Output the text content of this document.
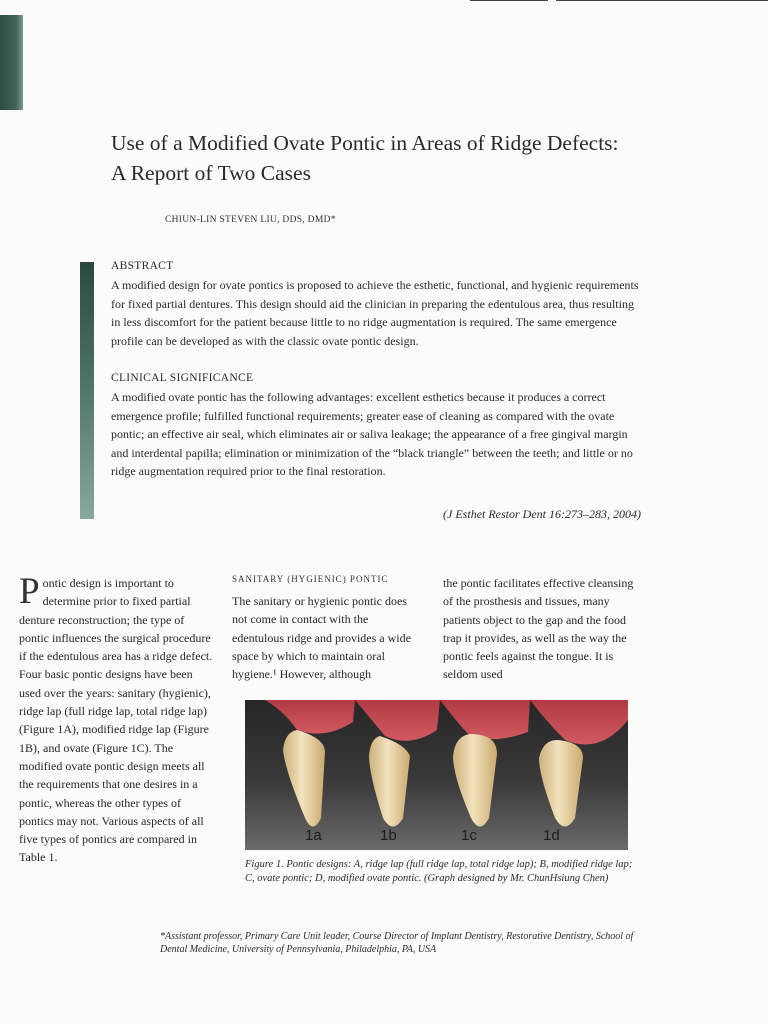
Use of a Modified Ovate Pontic in Areas of Ridge Defects: A Report of Two Cases
CHIUN-LIN STEVEN LIU, DDS, DMD*
ABSTRACT

A modified design for ovate pontics is proposed to achieve the esthetic, functional, and hygienic requirements for fixed partial dentures. This design should aid the clinician in preparing the edentulous area, thus resulting in less discomfort for the patient because little to no ridge augmentation is required. The same emergence profile can be developed as with the classic ovate pontic design.

CLINICAL SIGNIFICANCE

A modified ovate pontic has the following advantages: excellent esthetics because it produces a correct emergence profile; fulfilled functional requirements; greater ease of cleaning as compared with the ovate pontic; an effective air seal, which eliminates air or saliva leakage; the appearance of a free gingival margin and interdental papilla; elimination or minimization of the “black triangle” between the teeth; and little or no ridge augmentation required prior to the final restoration.

(J Esthet Restor Dent 16:273–283, 2004)

Pontic design is important to determine prior to fixed partial denture reconstruction; the type of pontic influences the surgical procedure if the edentulous area has a ridge defect. Four basic pontic designs have been used over the years: sanitary (hygienic), ridge lap (full ridge lap, total ridge lap) (Figure 1A), modified ridge lap (Figure 1B), and ovate (Figure 1C). The modified ovate pontic design meets all the requirements that one desires in a pontic, whereas the other types of pontics may not. Various aspects of all five types of pontics are compared in Table 1.

SANITARY (HYGIENIC) PONTIC

The sanitary or hygienic pontic does not come in contact with the edentulous ridge and provides a wide space by which to maintain oral hygiene.¹ However, although

the pontic facilitates effective cleansing of the prosthesis and tissues, many patients object to the gap and the food trap it provides, as well as the way the pontic feels against the tongue. It is seldom used

1a	1b	1c	1d

Figure 1. Pontic designs: A, ridge lap (full ridge lap, total ridge lap); B, modified ridge lap; C, ovate pontic; D, modified ovate pontic. (Graph designed by Mr. ChunHsiung Chen)

*Assistant professor, Primary Care Unit leader, Course Director of Implant Dentistry, Restorative Dentistry, School of Dental Medicine, University of Pennsylvania, Philadelphia, PA, USA
